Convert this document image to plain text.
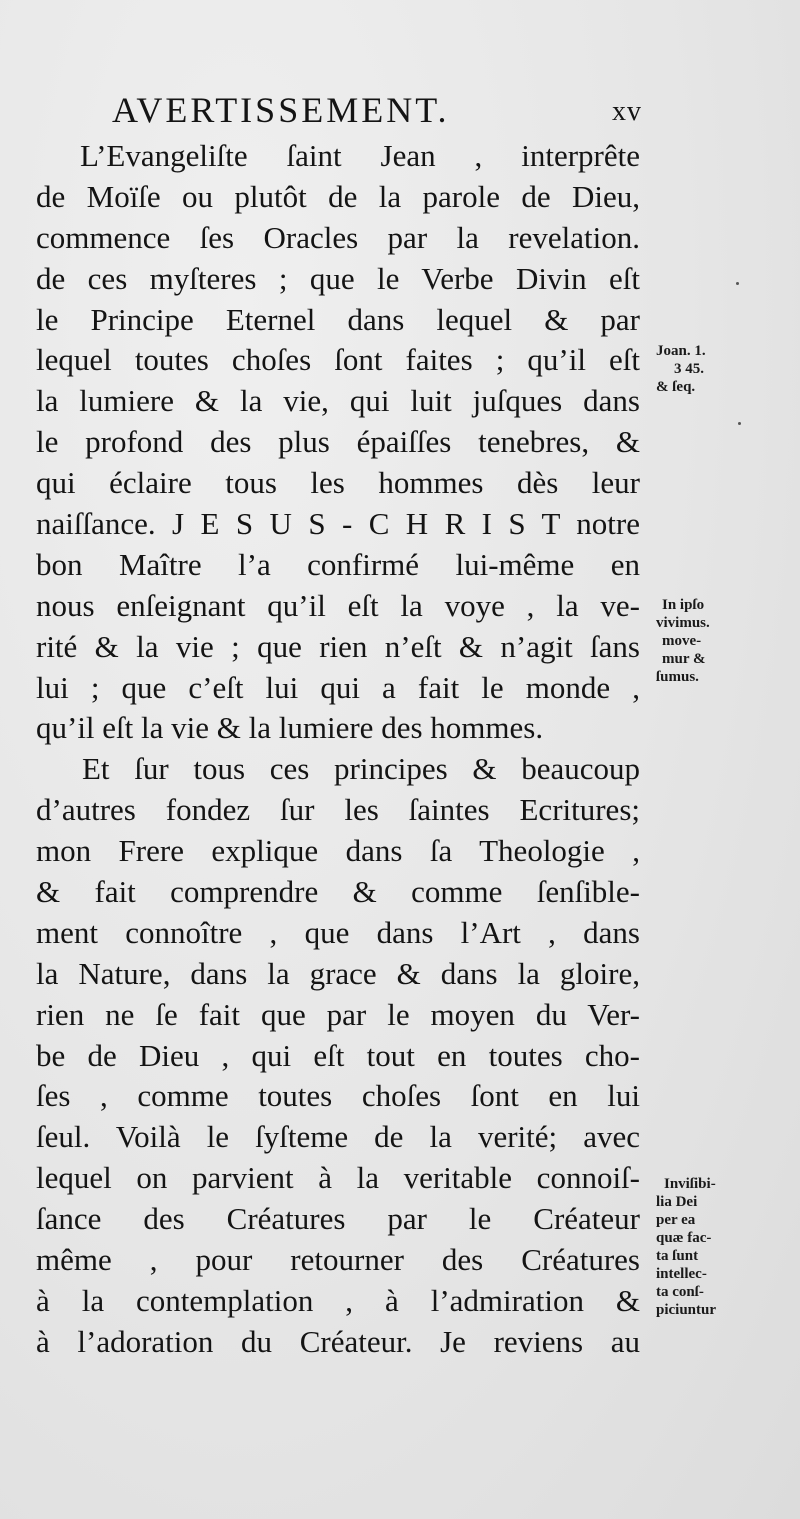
AVERTISSEMENT.	xv
L’Evangeliſte ſaint Jean , interprête
de Moïſe ou plutôt de la parole de Dieu,
commence ſes Oracles par la revelation.
de ces myſteres ; que le Verbe Divin eſt
le Principe Eternel dans lequel & par
lequel toutes choſes ſont faites ; qu’il eſt
la lumiere & la vie, qui luit juſques dans
le profond des plus épaiſſes tenebres, &
qui éclaire tous les hommes dès leur
naiſſance. J E S U S - C H R I S T notre
bon Maître l’a confirmé lui-même en
nous enſeignant qu’il eſt la voye , la ve-
rité & la vie ; que rien n’eſt & n’agit ſans
lui ; que c’eſt lui qui a fait le monde ,
qu’il eſt la vie & la lumiere des hommes.
Et ſur tous ces principes & beaucoup
d’autres fondez ſur les ſaintes Ecritures;
mon Frere explique dans ſa Theologie ,
& fait comprendre & comme ſenſible-
ment connoître , que dans l’Art , dans
la Nature, dans la grace & dans la gloire,
rien ne ſe fait que par le moyen du Ver-
be de Dieu , qui eſt tout en toutes cho-
ſes , comme toutes choſes ſont en lui
ſeul. Voilà le ſyſteme de la verité; avec
lequel on parvient à la veritable connoiſ-
ſance des Créatures par le Créateur
même , pour retourner des Créatures
à la contemplation , à l’admiration &
à l’adoration du Créateur. Je reviens au
Joan. 1.
3 45.
& ſeq.
In ipſo
vivimus.
move-
mur &
ſumus.
Inviſibi-
lia Dei
per ea
quæ fac-
ta ſunt
intellec-
ta conſ-
piciuntur
